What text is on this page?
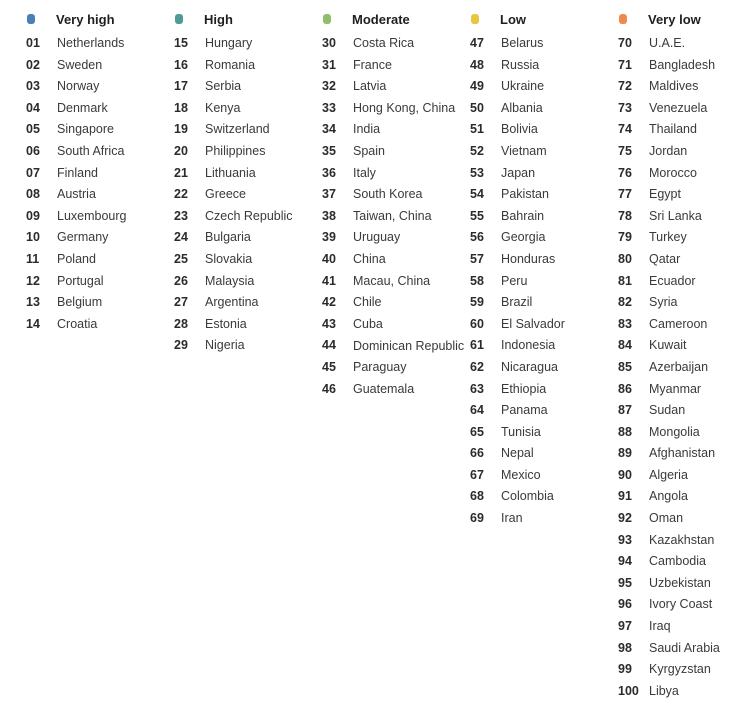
Very high
01	Netherlands
02	Sweden
03	Norway
04	Denmark
05	Singapore
06	South Africa
07	Finland
08	Austria
09	Luxembourg
10	Germany
11	Poland
12	Portugal
13	Belgium
14	Croatia
High
15	Hungary
16	Romania
17	Serbia
18	Kenya
19	Switzerland
20	Philippines
21	Lithuania
22	Greece
23	Czech Republic
24	Bulgaria
25	Slovakia
26	Malaysia
27	Argentina
28	Estonia
29	Nigeria
Moderate
30	Costa Rica
31	France
32	Latvia
33	Hong Kong, China
34	India
35	Spain
36	Italy
37	South Korea
38	Taiwan, China
39	Uruguay
40	China
41	Macau, China
42	Chile
43	Cuba
44	Dominican Republic
45	Paraguay
46	Guatemala
Low
47	Belarus
48	Russia
49	Ukraine
50	Albania
51	Bolivia
52	Vietnam
53	Japan
54	Pakistan
55	Bahrain
56	Georgia
57	Honduras
58	Peru
59	Brazil
60	El Salvador
61	Indonesia
62	Nicaragua
63	Ethiopia
64	Panama
65	Tunisia
66	Nepal
67	Mexico
68	Colombia
69	Iran
Very low
70	U.A.E.
71	Bangladesh
72	Maldives
73	Venezuela
74	Thailand
75	Jordan
76	Morocco
77	Egypt
78	Sri Lanka
79	Turkey
80	Qatar
81	Ecuador
82	Syria
83	Cameroon
84	Kuwait
85	Azerbaijan
86	Myanmar
87	Sudan
88	Mongolia
89	Afghanistan
90	Algeria
91	Angola
92	Oman
93	Kazakhstan
94	Cambodia
95	Uzbekistan
96	Ivory Coast
97	Iraq
98	Saudi Arabia
99	Kyrgyzstan
100 Libya
